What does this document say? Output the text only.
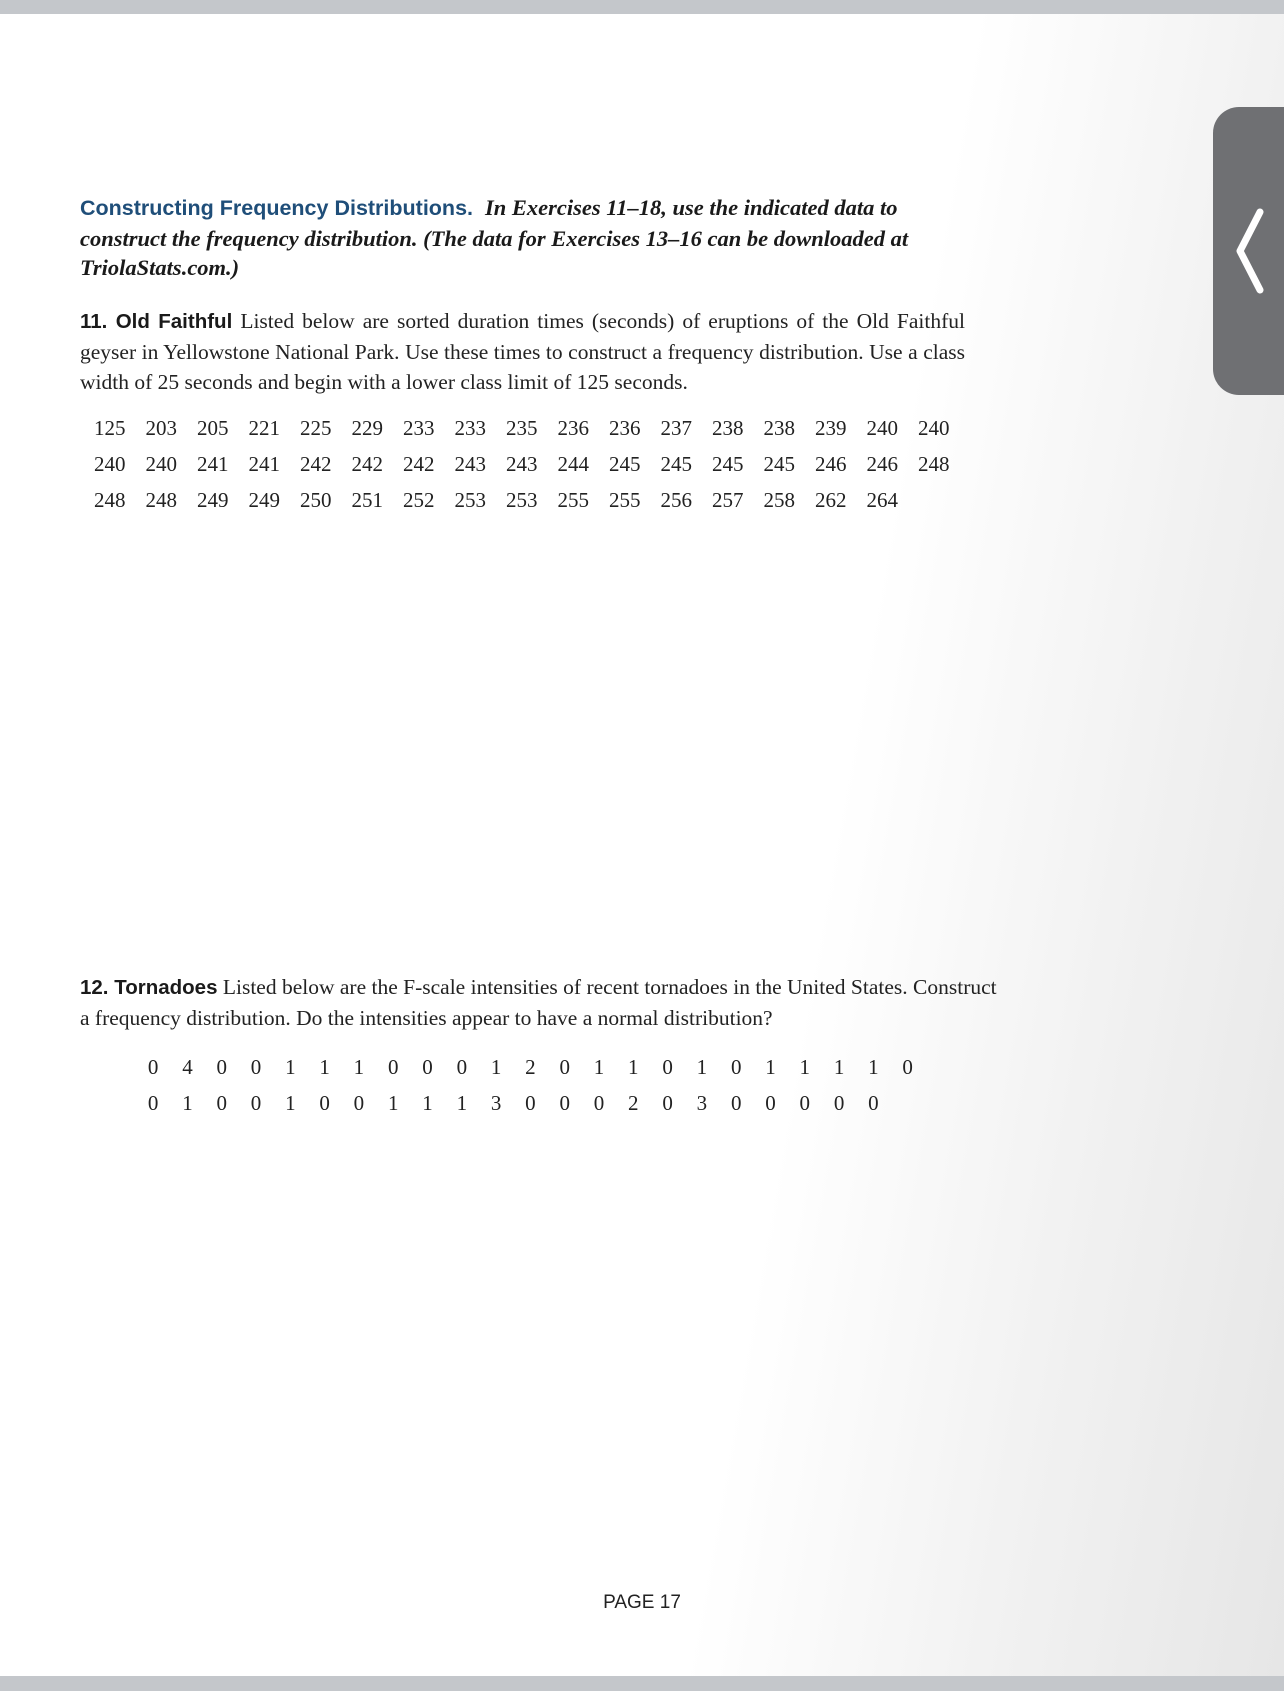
Constructing Frequency Distributions. In Exercises 11–18, use the indicated data to construct the frequency distribution. (The data for Exercises 13–16 can be downloaded at TriolaStats.com.)
11. Old Faithful Listed below are sorted duration times (seconds) of eruptions of the Old Faithful geyser in Yellowstone National Park. Use these times to construct a frequency distribution. Use a class width of 25 seconds and begin with a lower class limit of 125 seconds.
125 203 205 221 225 229 233 233 235 236 236 237 238 238 239 240 240
240 240 241 241 242 242 242 243 243 244 245 245 245 245 246 246 248
248 248 249 249 250 251 252 253 253 255 255 256 257 258 262 264
12. Tornadoes Listed below are the F-scale intensities of recent tornadoes in the United States. Construct a frequency distribution. Do the intensities appear to have a normal distribution?
0	4	0	0	1	1	1	0	0	0	1	2	0	1	1	0	1	0	1	1	1	1	0
0	1	0	0	1	0	0	1	1	1	3	0	0	0	2	0	3	0	0	0	0	0
PAGE 17
